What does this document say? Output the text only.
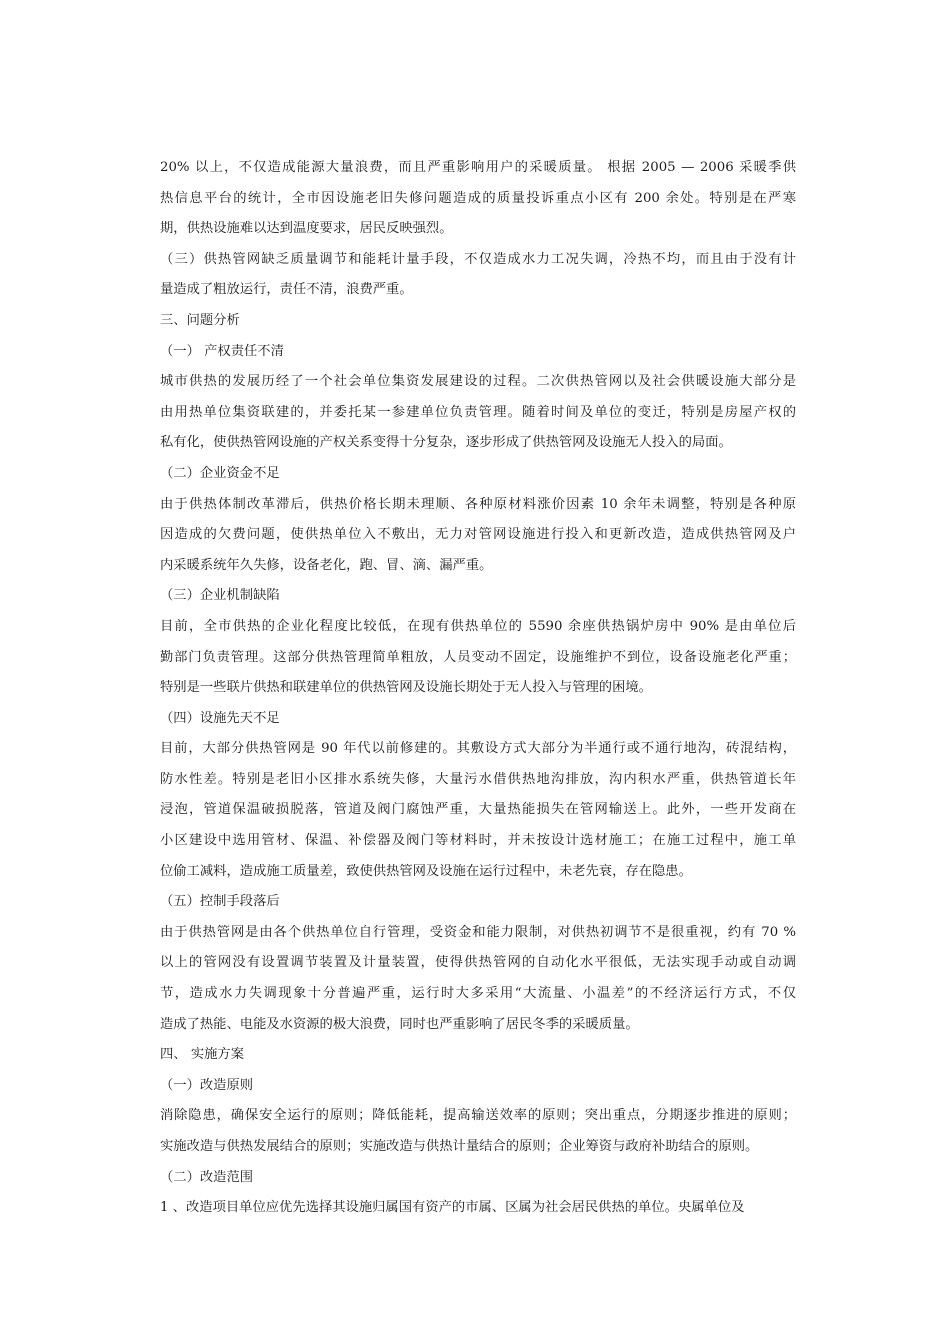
20% 以上，不仅造成能源大量浪费，而且严重影响用户的采暖质量。 根据 2005 — 2006 采暖季供
热信息平台的统计，全市因设施老旧失修问题造成的质量投诉重点小区有 200 余处。特别是在严寒
期，供热设施难以达到温度要求，居民反映强烈。
（三）供热管网缺乏质量调节和能耗计量手段，不仅造成水力工况失调，冷热不均，而且由于没有计
量造成了粗放运行，责任不清，浪费严重。
三、问题分析
（一） 产权责任不清
城市供热的发展历经了一个社会单位集资发展建设的过程。二次供热管网以及社会供暖设施大部分是
由用热单位集资联建的，并委托某一参建单位负责管理。随着时间及单位的变迁，特别是房屋产权的
私有化，使供热管网设施的产权关系变得十分复杂，逐步形成了供热管网及设施无人投入的局面。
（二）企业资金不足
由于供热体制改革滞后，供热价格长期未理顺、各种原材料涨价因素 10 余年未调整，特别是各种原
因造成的欠费问题，使供热单位入不敷出，无力对管网设施进行投入和更新改造，造成供热管网及户
内采暖系统年久失修，设备老化，跑、冒、滴、漏严重。
（三）企业机制缺陷
目前，全市供热的企业化程度比较低，在现有供热单位的 5590 余座供热锅炉房中 90% 是由单位后
勤部门负责管理。这部分供热管理简单粗放，人员变动不固定，设施维护不到位，设备设施老化严重；
特别是一些联片供热和联建单位的供热管网及设施长期处于无人投入与管理的困境。
（四）设施先天不足
目前，大部分供热管网是 90 年代以前修建的。其敷设方式大部分为半通行或不通行地沟，砖混结构，
防水性差。特别是老旧小区排水系统失修，大量污水借供热地沟排放，沟内积水严重，供热管道长年
浸泡，管道保温破损脱落，管道及阀门腐蚀严重，大量热能损失在管网输送上。此外，一些开发商在
小区建设中选用管材、保温、补偿器及阀门等材料时，并未按设计选材施工；在施工过程中，施工单
位偷工减料，造成施工质量差，致使供热管网及设施在运行过程中，未老先衰，存在隐患。
（五）控制手段落后
由于供热管网是由各个供热单位自行管理，受资金和能力限制，对供热初调节不是很重视，约有 70 %
以上的管网没有设置调节装置及计量装置，使得供热管网的自动化水平很低，无法实现手动或自动调
节，造成水力失调现象十分普遍严重，运行时大多采用“大流量、小温差”的不经济运行方式，不仅
造成了热能、电能及水资源的极大浪费，同时也严重影响了居民冬季的采暖质量。
四、 实施方案
（一）改造原则
消除隐患，确保安全运行的原则；降低能耗，提高输送效率的原则；突出重点，分期逐步推进的原则；
实施改造与供热发展结合的原则；实施改造与供热计量结合的原则；企业筹资与政府补助结合的原则。
（二）改造范围
1 、改造项目单位应优先选择其设施归属国有资产的市属、区属为社会居民供热的单位。央属单位及
